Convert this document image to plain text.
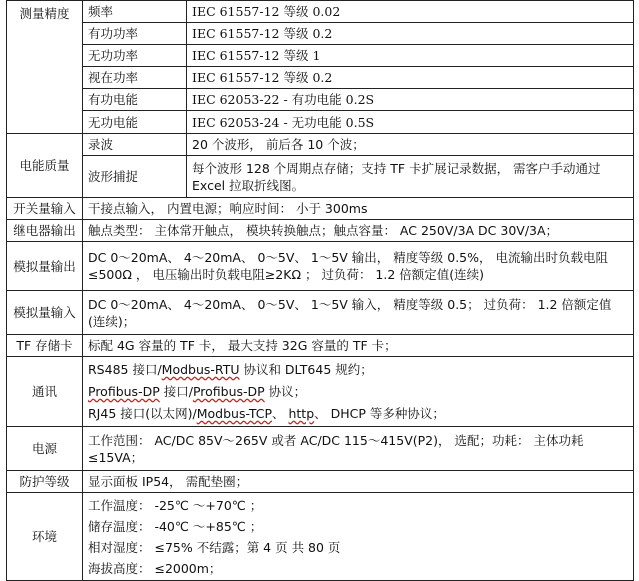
测量精度	频率	IEC 61557-12 等级 0.02
	有功功率	IEC 61557-12 等级 0.2
	无功功率	IEC 61557-12 等级 1
	视在功率	IEC 61557-12 等级 0.2
	有功电能	IEC 62053-22 - 有功电能 0.2S
	无功电能	IEC 62053-24 - 无功电能 0.5S
电能质量	录波	20 个波形， 前后各 10 个波；
	波形捕捉	每个波形 128 个周期点存储；支持 TF 卡扩展记录数据， 需客户手动通过 Excel 拉取折线图。
开关量输入	干接点输入， 内置电源；响应时间： 小于 300ms	
继电器输出	触点类型： 主体常开触点， 模块转换触点；触点容量： AC 250V/3A DC 30V/3A；	
模拟量输出	DC 0～20mA、 4～20mA、 0～5V、 1～5V 输出， 精度等级 0.5%， 电流输出时负载电阻≤500Ω ， 电压输出时负载电阻≥2KΩ ； 过负荷： 1.2 倍额定值(连续)	
模拟量输入	DC 0～20mA、 4～20mA、 0～5V、 1～5V 输入， 精度等级 0.5； 过负荷： 1.2 倍额定值(连续)；	
TF 存储卡	标配 4G 容量的 TF 卡， 最大支持 32G 容量的 TF 卡；	
通讯	RS485 接口/Modbus-RTU 协议和 DLT645 规约；
Profibus-DP 接口/Profibus-DP 协议；
RJ45 接口(以太网)/Modbus-TCP、 http、 DHCP 等多种协议；	

电源	工作范围： AC/DC 85V～265V 或者 AC/DC 115～415V(P2)， 选配；功耗： 主体功耗≤15VA；	
防护等级	显示面板 IP54， 需配垫圈；	
环境	工作温度： -25℃ ～+70℃ ；
储存温度： -40℃ ～+85℃ ；
相对湿度： ≤75% 不结露；第 4 页 共 80 页
海拔高度： ≤2000m；	
